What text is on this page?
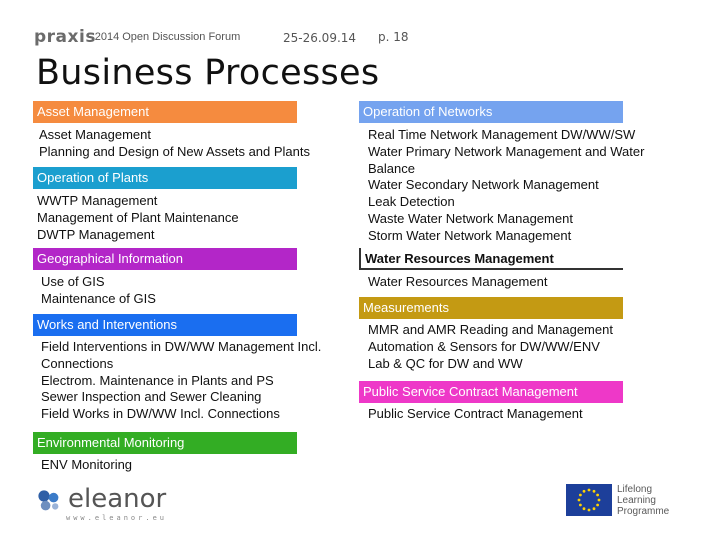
praxis
- 2014 Open Discussion Forum	25-26.09.14 p. 18
Business Processes
Asset Management
Asset Management
Planning and Design of New Assets and Plants
Operation of Plants
WWTP Management
Management of Plant Maintenance
DWTP Management
Geographical Information
Use of GIS
Maintenance of GIS
Works and Interventions
Field Interventions in DW/WW Management Incl. Connections
Electrom. Maintenance in Plants and PS
Sewer Inspection and Sewer Cleaning
Field Works in DW/WW Incl. Connections
Environmental Monitoring
ENV Monitoring
Operation of Networks
Real Time Network Management DW/WW/SW
Water Primary Network Management and Water Balance
Water Secondary Network Management
Leak Detection
Waste Water Network Management
Storm Water Network Management
Water Resources Management
Water Resources Management
Measurements
MMR and AMR Reading and Management
Automation & Sensors for DW/WW/ENV
Lab & QC for DW and WW
Public Service Contract Management
Public Service Contract Management
eleanor
www.eleanor.eu
Lifelong
Learning
Programme
